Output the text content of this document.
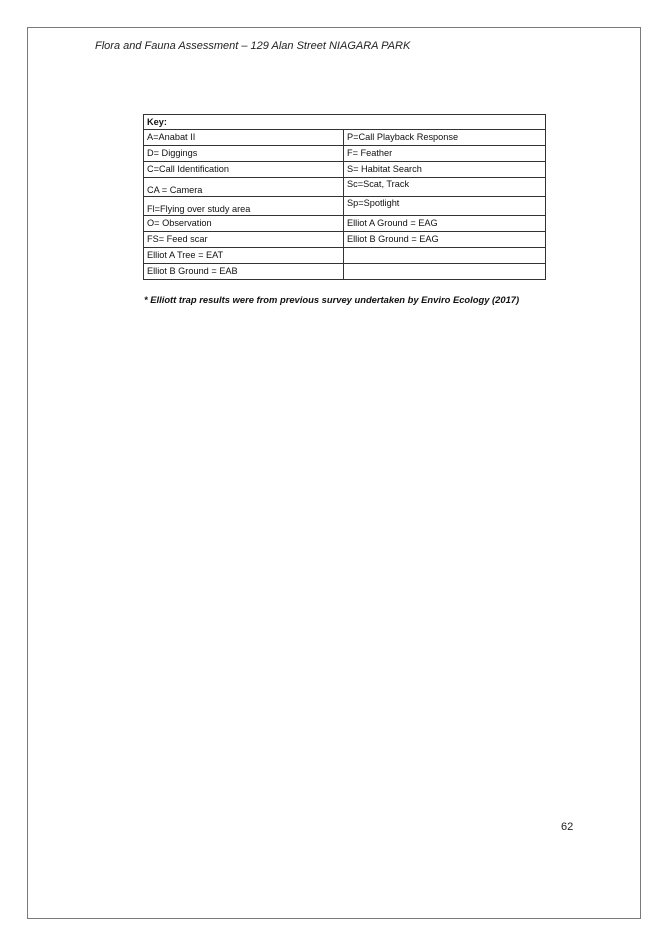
Flora and Fauna Assessment – 129 Alan Street NIAGARA PARK
Key:	
A=Anabat II	P=Call Playback Response
D= Diggings	F= Feather
C=Call Identification	S= Habitat Search
CA = Camera	Sc=Scat, Track
Fl=Flying over study area	Sp=Spotlight
O= Observation	Elliot A Ground = EAG
FS= Feed scar	Elliot B Ground = EAG
Elliot A Tree = EAT	
Elliot B Ground = EAB	
* Elliott trap results were from previous survey undertaken by Enviro Ecology (2017)
62
